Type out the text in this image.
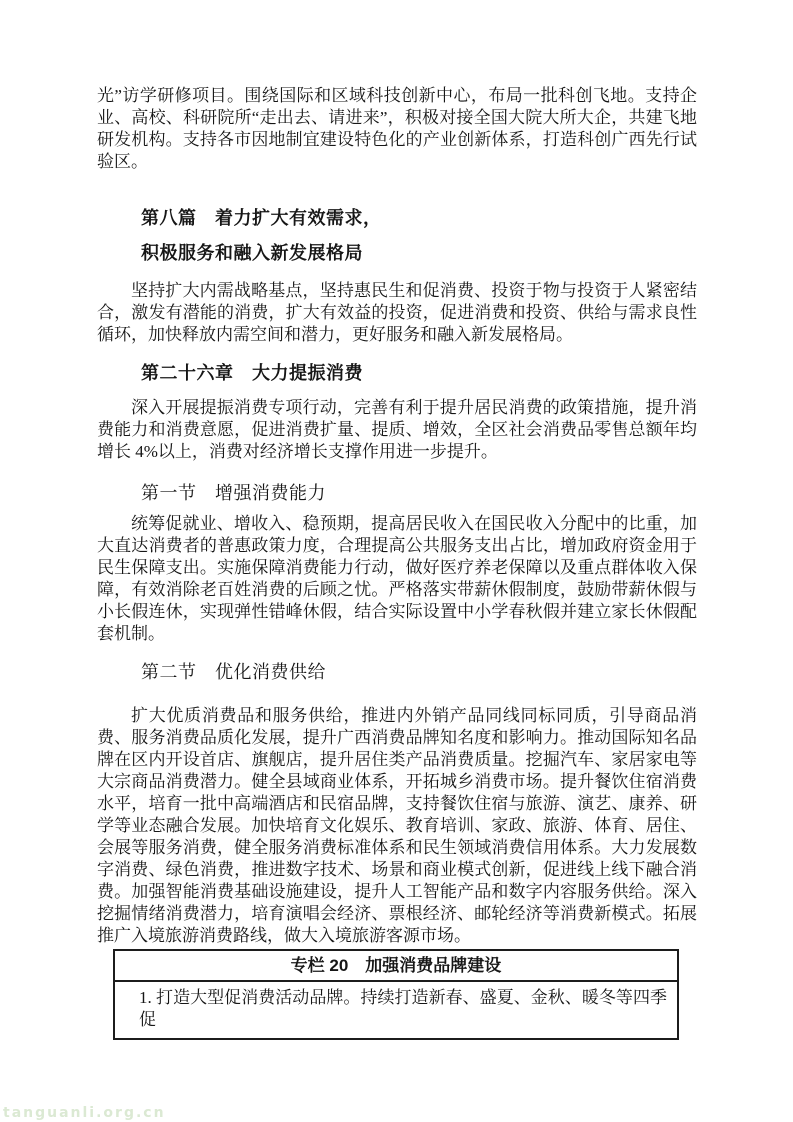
光”访学研修项目。围绕国际和区域科技创新中心，布局一批科创飞地。支持企业、高校、科研院所“走出去、请进来”，积极对接全国大院大所大企，共建飞地研发机构。支持各市因地制宜建设特色化的产业创新体系，打造科创广西先行试验区。

第八篇　着力扩大有效需求，

积极服务和融入新发展格局

坚持扩大内需战略基点，坚持惠民生和促消费、投资于物与投资于人紧密结合，激发有潜能的消费，扩大有效益的投资，促进消费和投资、供给与需求良性循环，加快释放内需空间和潜力，更好服务和融入新发展格局。

第二十六章　大力提振消费

深入开展提振消费专项行动，完善有利于提升居民消费的政策措施，提升消费能力和消费意愿，促进消费扩量、提质、增效，全区社会消费品零售总额年均增长 4%以上，消费对经济增长支撑作用进一步提升。

第一节　增强消费能力

统筹促就业、增收入、稳预期，提高居民收入在国民收入分配中的比重，加大直达消费者的普惠政策力度，合理提高公共服务支出占比，增加政府资金用于民生保障支出。实施保障消费能力行动，做好医疗养老保障以及重点群体收入保障，有效消除老百姓消费的后顾之忧。严格落实带薪休假制度，鼓励带薪休假与小长假连休，实现弹性错峰休假，结合实际设置中小学春秋假并建立家长休假配套机制。

第二节　优化消费供给

扩大优质消费品和服务供给，推进内外销产品同线同标同质，引导商品消费、服务消费品质化发展，提升广西消费品牌知名度和影响力。推动国际知名品牌在区内开设首店、旗舰店，提升居住类产品消费质量。挖掘汽车、家居家电等大宗商品消费潜力。健全县域商业体系，开拓城乡消费市场。提升餐饮住宿消费水平，培育一批中高端酒店和民宿品牌，支持餐饮住宿与旅游、演艺、康养、研学等业态融合发展。加快培育文化娱乐、教育培训、家政、旅游、体育、居住、会展等服务消费，健全服务消费标准体系和民生领域消费信用体系。大力发展数字消费、绿色消费，推进数字技术、场景和商业模式创新，促进线上线下融合消费。加强智能消费基础设施建设，提升人工智能产品和数字内容服务供给。深入挖掘情绪消费潜力，培育演唱会经济、票根经济、邮轮经济等消费新模式。拓展推广入境旅游消费路线，做大入境旅游客源市场。

专栏 20　加强消费品牌建设
1. 打造大型促消费活动品牌。持续打造新春、盛夏、金秋、暖冬等四季促
tanguanli.org.cn
